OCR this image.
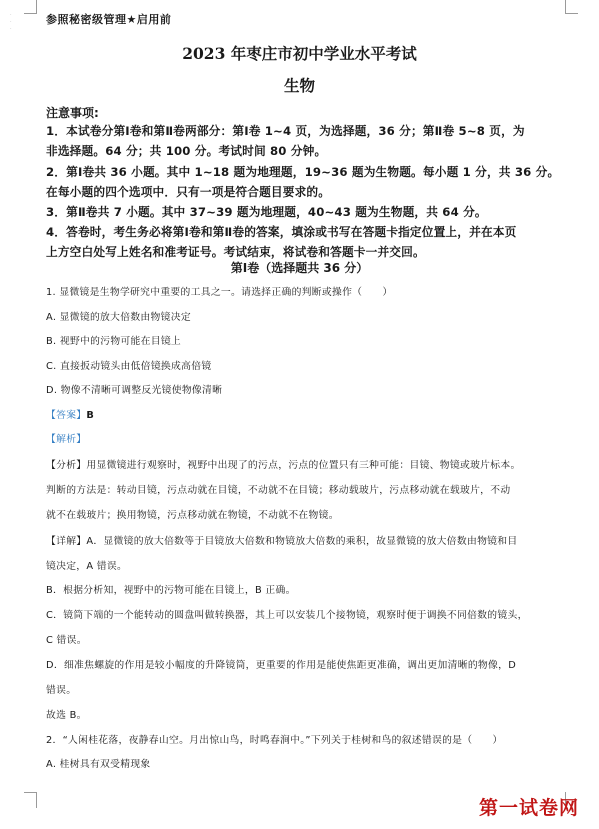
·
·
·
参照秘密级管理★启用前
2023 年枣庄市初中学业水平考试
生物
注意事项:
1．本试卷分第Ⅰ卷和第Ⅱ卷两部分：第Ⅰ卷 1~4 页，为选择题，36 分；第Ⅱ卷 5~8 页，为
非选择题。64 分；共 100 分。考试时间 80 分钟。
2．第Ⅰ卷共 36 小题。其中 1~18 题为地理题，19~36 题为生物题。每小题 1 分，共 36 分。
在每小题的四个选项中．只有一项是符合题目要求的。
3．第Ⅱ卷共 7 小题。其中 37~39 题为地理题，40~43 题为生物题，共 64 分。
4．答卷时，考生务必将第Ⅰ卷和第Ⅱ卷的答案，填涂或书写在答题卡指定位置上，并在本页
上方空白处写上姓名和准考证号。考试结束，将试卷和答题卡一并交回。
第Ⅰ卷（选择题共 36 分）
1. 显微镜是生物学研究中重要的工具之一。请选择正确的判断或操作（　　）
A. 显微镜的放大倍数由物镜决定
B. 视野中的污物可能在目镜上
C. 直接扳动镜头由低倍镜换成高倍镜
D. 物像不清晰可调整反光镜使物像清晰
【答案】B
【解析】
【分析】用显微镜进行观察时，视野中出现了的污点，污点的位置只有三种可能：目镜、物镜或玻片标本。
判断的方法是：转动目镜，污点动就在目镜，不动就不在目镜；移动载玻片，污点移动就在载玻片，不动
就不在载玻片；换用物镜，污点移动就在物镜，不动就不在物镜。
【详解】A．显微镜的放大倍数等于目镜放大倍数和物镜放大倍数的乘积，故显微镜的放大倍数由物镜和目
镜决定，A 错误。
B．根据分析知，视野中的污物可能在目镜上，B 正确。
C．镜筒下端的一个能转动的圆盘叫做转换器，其上可以安装几个接物镜，观察时便于调换不同倍数的镜头，
C 错误。
D．细准焦螺旋的作用是较小幅度的升降镜筒，更重要的作用是能使焦距更准确，调出更加清晰的物像，D
错误。
故选 B。
2．“人闲桂花落，夜静春山空。月出惊山鸟，时鸣春涧中。”下列关于桂树和鸟的叙述错误的是（　　）
A. 桂树具有双受精现象
第一试卷网
